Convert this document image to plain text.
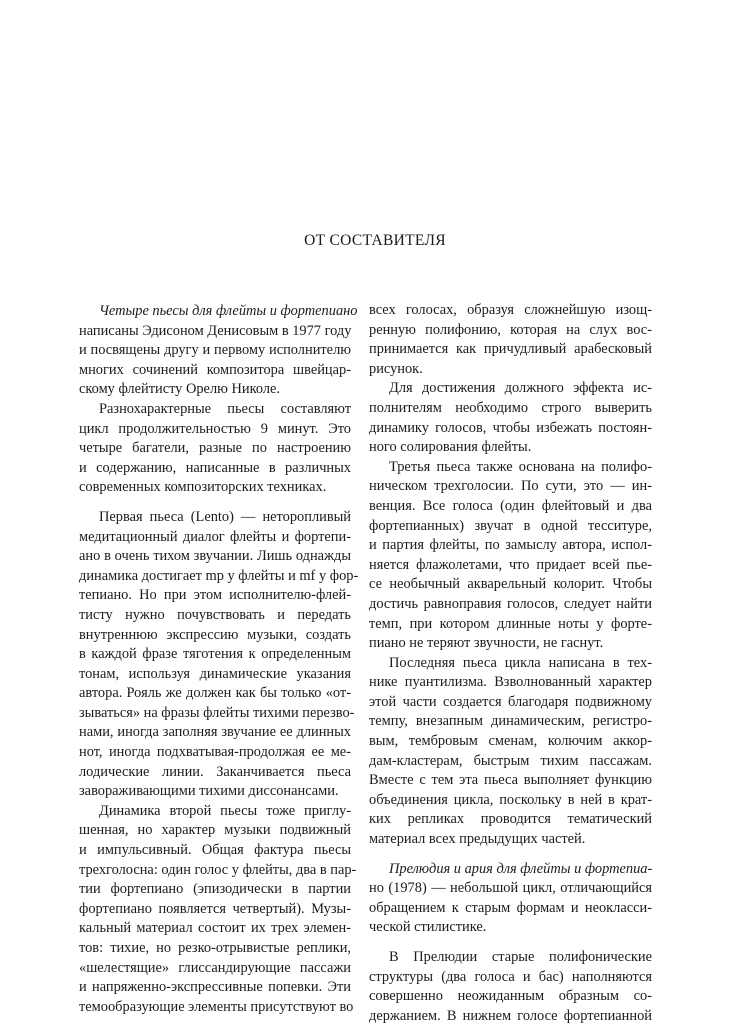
ОТ СОСТАВИТЕЛЯ
Четыре пьесы для флейты и фортепиано
написаны Эдисоном Денисовым в 1977 году
и посвящены другу и первому исполнителю
многих сочинений композитора швейцар-
скому флейтисту Орелю Николе.
Разнохарактерные пьесы составляют
цикл продолжительностью 9 минут. Это
четыре багатели, разные по настроению
и содержанию, написанные в различных
современных композиторских техниках.
Первая пьеса (Lento) — неторопливый
медитационный диалог флейты и фортепи-
ано в очень тихом звучании. Лишь однажды
динамика достигает mp у флейты и mf у фор-
тепиано. Но при этом исполнителю-флей-
тисту нужно почувствовать и передать
внутреннюю экспрессию музыки, создать
в каждой фразе тяготения к определенным
тонам, используя динамические указания
автора. Рояль же должен как бы только «от-
зываться» на фразы флейты тихими перезво-
нами, иногда заполняя звучание ее длинных
нот, иногда подхватывая-продолжая ее ме-
лодические линии. Заканчивается пьеса
завораживающими тихими диссонансами.
Динамика второй пьесы тоже приглу-
шенная, но характер музыки подвижный
и импульсивный. Общая фактура пьесы
трехголосна: один голос у флейты, два в пар-
тии фортепиано (эпизодически в партии
фортепиано появляется четвертый). Музы-
кальный материал состоит их трех элемен-
тов: тихие, но резко-отрывистые реплики,
«шелестящие» глиссандирующие пассажи
и напряженно-экспрессивные попевки. Эти
темообразующие элементы присутствуют во
всех голосах, образуя сложнейшую изощ-
ренную полифонию, которая на слух вос-
принимается как причудливый арабесковый
рисунок.
Для достижения должного эффекта ис-
полнителям необходимо строго выверить
динамику голосов, чтобы избежать постоян-
ного солирования флейты.
Третья пьеса также основана на полифо-
ническом трехголосии. По сути, это — ин-
венция. Все голоса (один флейтовый и два
фортепианных) звучат в одной тесситуре,
и партия флейты, по замыслу автора, испол-
няется флажолетами, что придает всей пье-
се необычный акварельный колорит. Чтобы
достичь равноправия голосов, следует найти
темп, при котором длинные ноты у форте-
пиано не теряют звучности, не гаснут.
Последняя пьеса цикла написана в тех-
нике пуантилизма. Взволнованный характер
этой части создается благодаря подвижному
темпу, внезапным динамическим, регистро-
вым, тембровым сменам, колючим аккор-
дам-кластерам, быстрым тихим пассажам.
Вместе с тем эта пьеса выполняет функцию
объединения цикла, поскольку в ней в крат-
ких репликах проводится тематический
материал всех предыдущих частей.
Прелюдия и ария для флейты и фортепиа-
но (1978) — небольшой цикл, отличающийся
обращением к старым формам и неокласси-
ческой стилистике.
В Прелюдии старые полифонические
структуры (два голоса и бас) наполняются
совершенно неожиданным образным со-
держанием. В нижнем голосе фортепианной
